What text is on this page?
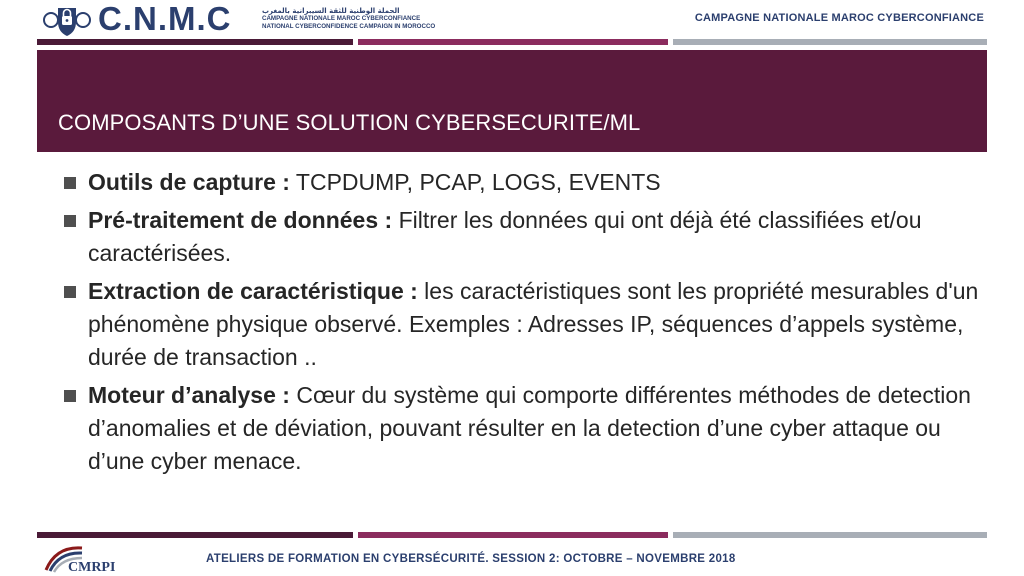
C.N.M.C	الحملة الوطنية للثقة السيبرانية بالمغرب
CAMPAGNE NATIONALE MAROC CYBERCONFIANCE
NATIONAL CYBERCONFIDENCE CAMPAIGN IN MOROCCO
CAMPAGNE NATIONALE MAROC CYBERCONFIANCE
COMPOSANTS D’UNE SOLUTION CYBERSECURITE/ML
Outils de capture : TCPDUMP, PCAP, LOGS, EVENTS
Pré-traitement de données : Filtrer les données qui ont déjà été classifiées et/ou caractérisées.
Extraction de caractéristique : les caractéristiques sont les propriété mesurables d'un phénomène physique observé. Exemples : Adresses IP, séquences d’appels système, durée de transaction ..
Moteur d’analyse : Cœur du système qui comporte différentes méthodes de detection d’anomalies et de déviation, pouvant résulter en la detection d’une cyber attaque ou d’une cyber menace.
CMRPI
ATELIERS DE FORMATION EN CYBERSÉCURITÉ. SESSION 2: OCTOBRE – NOVEMBRE 2018
